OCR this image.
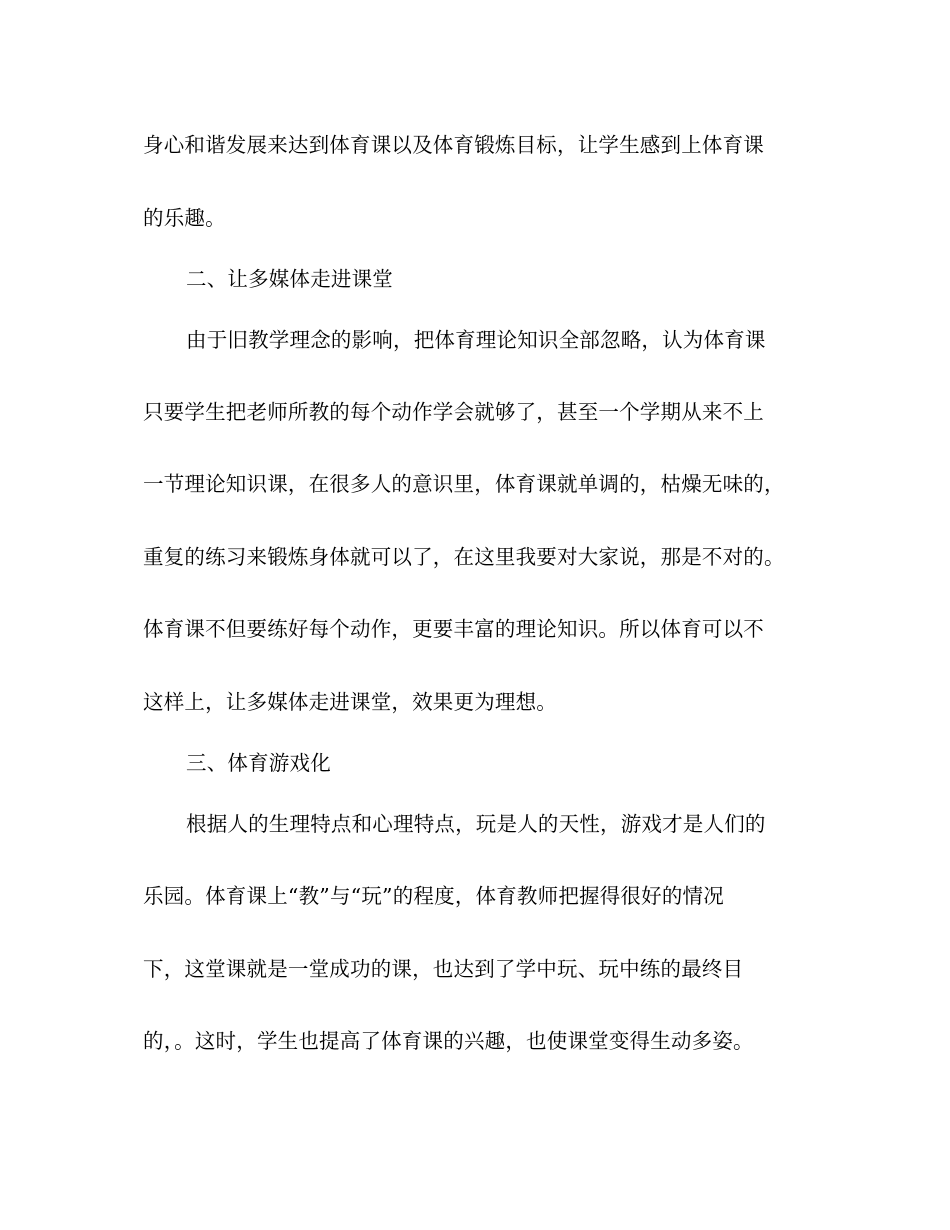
身心和谐发展来达到体育课以及体育锻炼目标，让学生感到上体育课
的乐趣。
二、让多媒体走进课堂
由于旧教学理念的影响，把体育理论知识全部忽略，认为体育课
只要学生把老师所教的每个动作学会就够了，甚至一个学期从来不上
一节理论知识课，在很多人的意识里，体育课就单调的，枯燥无味的，
重复的练习来锻炼身体就可以了，在这里我要对大家说，那是不对的。
体育课不但要练好每个动作，更要丰富的理论知识。所以体育可以不
这样上，让多媒体走进课堂，效果更为理想。
三、体育游戏化
根据人的生理特点和心理特点，玩是人的天性，游戏才是人们的
乐园。体育课上“教”与“玩”的程度，体育教师把握得很好的情况
下，这堂课就是一堂成功的课，也达到了学中玩、玩中练的最终目
的，。这时，学生也提高了体育课的兴趣，也使课堂变得生动多姿。
